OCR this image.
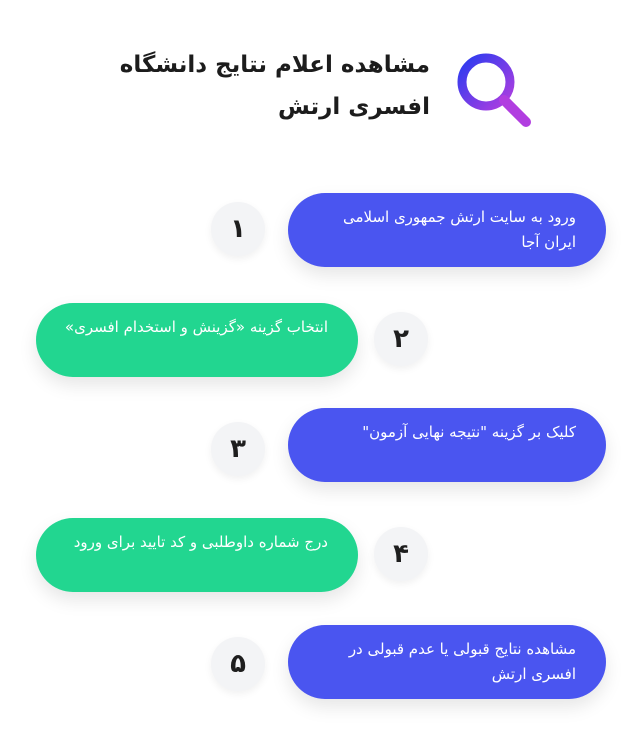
مشاهده اعلام نتایج دانشگاه افسری ارتش
۱	ورود به سایت ارتش جمهوری اسلامی ایران آجا
انتخاب گزینه «گزینش و استخدام افسری»	۲
۳
کلیک بر گزینه "نتیجه نهایی آزمون"
درج شماره داوطلبی و کد تایید برای ورود	۴
۵	مشاهده نتایج قبولی یا عدم قبولی در افسری ارتش
